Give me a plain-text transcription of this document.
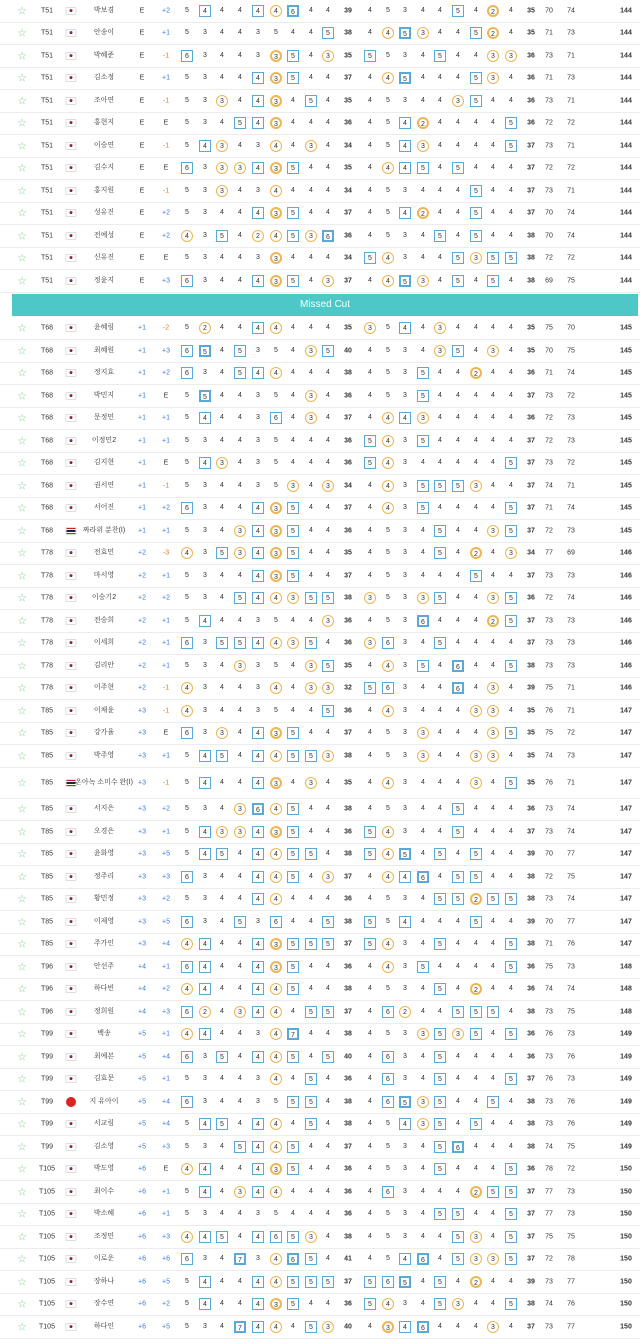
☆ T51	박보겸	E	+2	5	4	4	4	4	4	6	4	4	39	4	5	3	4	4	5	4	2	4	35 70 74	144
☆ T51	안송이	E	+1	5	3	4	4	3	5	4	4	5	38	4	4	5	3	4	4	5	2	4	35 71 73	144
☆ T51	박혜준	E	-1	6	3	4	4	3	3	5	4	3	35	5	5	3	4	5	4	4	3	3	36 73 71	144
☆ T51	김소정	E	+1	5	3	4	4	4	3	5	4	4	37	4	4	5	4	4	4	5	3	4	36 71 73	144
☆ T51	조아연	E	-1	5	3	3	4	4	3	4	5	4	35	4	5	3	4	4	3	5	4	4	36 73 71	144
☆ T51	홍현지	E	E	5	3	4	5	4	3	4	4	4	36	4	5	4	2	4	4	4	4	5	36 72 72	144
☆ T51	이승연	E	-1	5	4	3	4	3	4	4	3	4	34	4	5	4	3	4	4	4	4	5	37 73 71	144
☆ T51	김수지	E	E	6	3	3	3	4	3	5	4	4	35	4	4	4	5	4	5	4	4	4	37 72 72	144
☆ T51	홍지원	E	-1	5	3	3	4	3	4	4	4	4	34	4	5	3	4	4	4	5	4	4	37 73 71	144
☆ T51	성유진	E	+2	5	3	4	4	4	3	5	4	4	37	4	5	4	2	4	4	5	4	4	37 70 74	144
☆ T51	전예성	E	+2	4	3	5	4	2	4	5	3	6	36	4	5	3	4	5	4	5	4	4	38 70 74	144
☆ T51	신유진	E	E	5	3	4	4	3	3	4	4	4	34	5	4	3	4	4	5	3	5	5	38 72 72	144
☆ T51	정윤지	E	+3	6	3	4	4	4	3	5	4	3	37	4	4	5	3	4	5	4	5	4	38 69 75	144
Missed Cut
☆ T68	윤혜림	+1 -2	5	2	4	4	4	4	4	4	4	35	3	5	4	4	3	4	4	4	4	35 75 70	145
☆ T68	최혜원	+1 +3	6	5	4	5	3	5	4	3	5	40	4	5	3	4	3	5	4	3	4	35 70 75	145
☆ T68	정지효	+1 +2	6	3	4	5	4	4	4	4	4	38	4	5	3	5	4	4	2	4	4	36 71 74	145
☆ T68	박민지	+1	E	5	5	4	4	3	5	4	3	4	36	4	5	3	5	4	4	4	4	4	37 73 72	145
☆ T68	문정민	+1 +1	5	4	4	4	3	6	4	3	4	37	4	4	4	3	4	4	4	4	4	36 72 73	145
☆ T68	이정민2	+1 +1	5	3	4	4	3	5	4	4	4	36	5	4	3	5	4	4	4	4	4	37 72 73	145
☆ T68	김지현	+1	E	5	4	3	4	3	5	4	4	4	36	5	4	3	4	4	4	4	4	5	37 73 72	145
☆ T68	권서연	+1 -1	5	3	4	4	3	5	3	4	3	34	4	4	3	5	5	5	3	4	4	37 74 71	145
☆ T68	서어진	+1 +2	6	3	4	4	4	3	5	4	4	37	4	4	3	5	4	4	4	4	5	37 71 74	145
☆ T68	짜라위 분찬(I) +1 +1	5	3	4	3	4	3	5	4	4	36	4	5	3	4	5	4	4	3	5	37 72 73	145
☆ T78	전효민	+2 -3	4	3	5	3	4	3	5	4	4	35	4	5	3	4	5	4	2	4	3	34 77 69	146
☆ T78	마서영	+2 +1	5	3	4	4	4	3	5	4	4	37	4	5	3	4	4	4	5	4	4	37 73 73	146
☆ T78	이승기2	+2 +2	5	3	4	5	4	4	3	5	5	38	3	5	3	3	5	4	4	3	5	36 72 74	146
☆ T78	전승희	+2 +1	5	4	4	4	3	5	4	4	3	36	4	5	3	6	4	4	4	2	5	37 73 73	146
☆ T78	이세희	+2 +1	6	3	5	5	4	4	3	5	4	36	3	6	3	4	5	4	4	4	4	37 73 73	146
☆ T78	김리안	+2 +1	5	3	4	3	3	5	4	3	5	35	4	4	3	5	4	6	4	4	5	38 73 73	146
☆ T78	이주현	+2 -1	4	3	4	4	3	4	4	3	3	32	5	6	3	4	4	6	4	3	4	39 75 71	146
☆ T85	이채윤	+3 -1	4	3	4	4	3	5	4	4	5	36	4	4	3	4	4	4	3	3	4	35 76 71	147
☆ T85	강가율	+3	E	6	3	3	4	4	3	5	4	4	37	4	5	3	3	4	4	4	3	5	35 75 72	147
☆ T85	박주영	+3 +1	5	4	5	4	4	4	5	5	3	38	4	5	3	3	4	4	3	3	4	35 74 73	147
☆ T85	온아녹 소미수 완(I) +3 -1	5	4	4	4	4	3	4	3	4	35	4	4	3	4	4	4	3	4	5	35 76 71	147
☆ T85	서지은	+3 +2	5	3	4	3	6	4	5	4	4	38	4	5	3	4	4	5	4	4	4	36 73 74	147
☆ T85	오경은	+3 +1	5	4	3	3	4	3	5	4	4	36	5	4	3	4	4	5	4	4	4	37 73 74	147
☆ T85	윤화영	+3 +5	5	4	5	4	4	4	5	5	4	38	5	4	5	4	5	4	5	4	4	39 70 77	147
☆ T85	정주리	+3 +3	6	3	4	4	4	4	5	4	3	37	4	4	4	6	4	5	5	4	4	38 72 75	147
☆ T85	황민정	+3 +2	5	3	4	4	4	4	4	4	4	36	4	5	3	4	5	5	2	5	5	38 73 74	147
☆ T85	이제영	+3 +5	6	3	4	5	3	6	4	4	5	38	5	5	4	4	4	4	5	4	4	39 70 77	147
☆ T85	주가인	+3 +4	4	4	4	4	4	3	5	5	5	37	5	4	3	4	5	4	4	4	5	38 71 76	147
☆ T96	안선주	+4 +1	6	4	4	4	4	3	5	4	4	36	4	4	3	5	4	4	4	4	5	36 75 73	148
☆ T96	하다빈	+4 +2	4	4	4	4	4	4	5	4	4	38	4	5	3	4	5	4	2	4	4	36 74 74	148
☆ T96	정희원	+4 +3	6	2	4	3	4	4	4	5	5	37	4	6	2	4	4	5	5	5	4	38 73 75	148
☆ T99	백송	+5 +1	4	4	4	4	3	4	7	4	4	38	4	5	3	3	5	3	5	4	5	36 76 73	149
☆ T99	최예본	+5 +4	6	3	5	4	4	4	5	4	5	40	4	6	3	4	5	4	4	4	4	36 73 76	149
☆ T99	김효문	+5 +1	5	3	4	4	3	4	4	5	4	36	4	6	3	4	5	4	4	4	5	37 76 73	149
☆ T99	지 유아이	+5 +4	6	3	4	4	3	5	5	5	4	38	4	6	5	3	5	4	4	5	4	38 73 76	149
☆ T99	서교림	+5 +4	5	4	5	4	4	4	4	5	4	38	4	5	4	3	5	4	5	4	4	38 73 76	149
☆ T99	김소영	+5 +3	5	3	4	5	4	4	5	4	4	37	4	5	3	4	5	6	4	4	4	38 74 75	149
☆ T105	박도영	+6	E	4	4	4	4	4	3	5	4	4	36	4	5	3	4	5	4	4	4	5	36 78 72	150
☆ T105	최이수	+6 +1	5	4	4	3	4	4	4	4	4	36	4	6	3	4	4	4	2	5	5	37 77 73	150
☆ T105	박소혜	+6 +1	5	3	4	4	3	5	4	4	4	36	4	5	3	4	5	5	4	4	5	37 77 73	150
☆ T105	조정민	+6 +3	4	4	5	4	4	6	5	3	4	38	4	5	3	4	4	5	3	4	5	37 75 75	150
☆ T105	이로운	+6 +6	6	3	4	7	3	4	6	5	4	41	4	5	4	6	4	5	3	3	5	37 72 78	150
☆ T105	장하나	+6 +5	5	4	4	4	4	4	5	5	5	37	5	6	5	4	5	4	2	4	4	39 73 77	150
☆ T105	장수연	+6 +2	5	4	4	4	4	3	5	4	4	36	5	4	3	4	5	3	4	4	5	38 74 76	150
☆ T105	하다인	+6 +5	5	3	4	7	4	4	4	5	3	40	4	3	4	6	4	4	4	3	4	37 73 77	150
